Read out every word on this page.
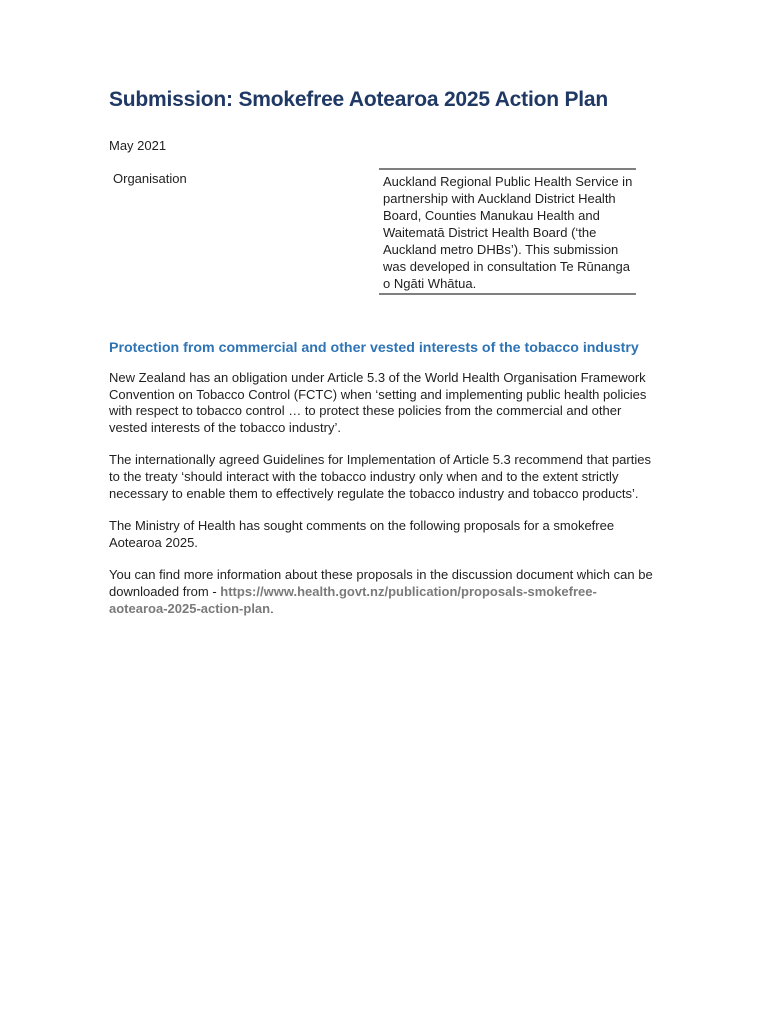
Submission: Smokefree Aotearoa 2025 Action Plan

May 2021

Organisation	Auckland Regional Public Health Service in partnership with Auckland District Health Board, Counties Manukau Health and Waitematā District Health Board (‘the Auckland metro DHBs’). This submission was developed in consultation Te Rūnanga o Ngāti Whātua.

Protection from commercial and other vested interests of the tobacco industry

New Zealand has an obligation under Article 5.3 of the World Health Organisation Framework Convention on Tobacco Control (FCTC) when ‘setting and implementing public health policies with respect to tobacco control … to protect these policies from the commercial and other vested interests of the tobacco industry’.

The internationally agreed Guidelines for Implementation of Article 5.3 recommend that parties to the treaty ‘should interact with the tobacco industry only when and to the extent strictly necessary to enable them to effectively regulate the tobacco industry and tobacco products’.

The Ministry of Health has sought comments on the following proposals for a smokefree Aotearoa 2025.

You can find more information about these proposals in the discussion document which can be downloaded from - https://www.health.govt.nz/publication/proposals-smokefree-aotearoa-2025-action-plan.
